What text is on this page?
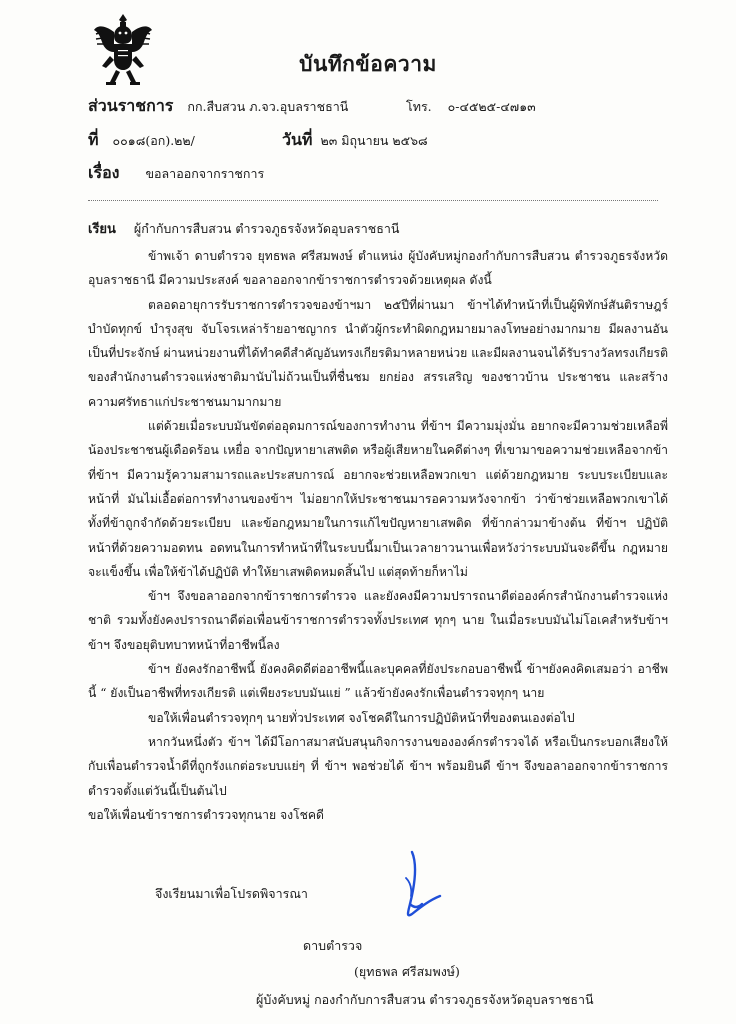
บันทึกข้อความ
ส่วนราชการ กก.สืบสวน ภ.จว.อุบลราชธานี	โทร. ๐-๔๕๒๕-๔๗๑๓
ที่ ๐๐๑๘(อก).๒๒/	วันที่ ๒๓ มิถุนายน ๒๕๖๘
เรื่อง ขอลาออกจากราชการ
เรียน ผู้กำกับการสืบสวน ตำรวจภูธรจังหวัดอุบลราชธานี

ข้าพเจ้า ดาบตำรวจ ยุทธพล ศรีสมพงษ์ ตำแหน่ง ผู้บังคับหมู่กองกำกับการสืบสวน ตำรวจภูธรจังหวัดอุบลราชธานี มีความประสงค์ ขอลาออกจากข้าราชการตำรวจด้วยเหตุผล ดังนี้

ตลอดอายุการรับราชการตำรวจของข้าฯมา ๒๕ปีที่ผ่านมา ข้าฯได้ทำหน้าที่เป็นผู้พิทักษ์สันติราษฎร์ บำบัดทุกข์ บำรุงสุข จับโจรเหล่าร้ายอาชญากร นำตัวผู้กระทำผิดกฎหมายมาลงโทษอย่างมากมาย มีผลงานอันเป็นที่ประจักษ์ ผ่านหน่วยงานที่ได้ทำคดีสำคัญอันทรงเกียรติมาหลายหน่วย และมีผลงานจนได้รับรางวัลทรงเกียรติของสำนักงานตำรวจแห่งชาติมานับไม่ถ้วนเป็นที่ชื่นชม ยกย่อง สรรเสริญ ของชาวบ้าน ประชาชน และสร้างความศรัทธาแก่ประชาชนมามากมาย

แต่ด้วยเมื่อระบบมันขัดต่ออุดมการณ์ของการทำงาน ที่ข้าฯ มีความมุ่งมั่น อยากจะมีความช่วยเหลือพี่น้องประชาชนผู้เดือดร้อน เหยื่อ จากปัญหายาเสพติด หรือผู้เสียหายในคดีต่างๆ ที่เขามาขอความช่วยเหลือจากข้า ที่ข้าฯ มีความรู้ความสามารถและประสบการณ์ อยากจะช่วยเหลือพวกเขา แต่ด้วยกฎหมาย ระบบระเบียบและหน้าที่ มันไม่เอื้อต่อการทำงานของข้าฯ ไม่อยากให้ประชาชนมารอความหวังจากข้า ว่าข้าช่วยเหลือพวกเขาได้ทั้งที่ข้าถูกจำกัดด้วยระเบียบ และข้อกฎหมายในการแก้ไขปัญหายาเสพติด ที่ข้ากล่าวมาข้างต้น ที่ข้าฯ ปฏิบัติหน้าที่ด้วยความอดทน อดทนในการทำหน้าที่ในระบบนี้มาเป็นเวลายาวนานเพื่อหวังว่าระบบมันจะดีขึ้น กฎหมายจะแข็งขึ้น เพื่อให้ข้าได้ปฏิบัติ ทำให้ยาเสพติดหมดสิ้นไป แต่สุดท้ายก็หาไม่

ข้าฯ จึงขอลาออกจากข้าราชการตำรวจ และยังคงมีความปรารถนาดีต่อองค์กรสำนักงานตำรวจแห่งชาติ รวมทั้งยังคงปรารถนาดีต่อเพื่อนข้าราชการตำรวจทั้งประเทศ ทุกๆ นาย ในเมื่อระบบมันไม่โอเคสำหรับข้าฯ ข้าฯ จึงขอยุติบทบาทหน้าที่อาชีพนี้ลง

ข้าฯ ยังคงรักอาชีพนี้ ยังคงคิดดีต่ออาชีพนี้และบุคคลที่ยังประกอบอาชีพนี้ ข้าฯยังคงคิดเสมอว่า อาชีพนี้ “ ยังเป็นอาชีพที่ทรงเกียรติ แต่เพียงระบบมันแย่ ” แล้วข้ายังคงรักเพื่อนตำรวจทุกๆ นาย

ขอให้เพื่อนตำรวจทุกๆ นายทั่วประเทศ จงโชคดีในการปฏิบัติหน้าที่ของตนเองต่อไป

หากวันหนึ่งตัว ข้าฯ ได้มีโอกาสมาสนับสนุนกิจการงานขององค์กรตำรวจได้ หรือเป็นกระบอกเสียงให้กับเพื่อนตำรวจน้ำดีที่ถูกรังแกต่อระบบแย่ๆ ที่ ข้าฯ พอช่วยได้ ข้าฯ พร้อมยินดี ข้าฯ จึงขอลาออกจากข้าราชการตำรวจตั้งแต่วันนี้เป็นต้นไป

ขอให้เพื่อนข้าราชการตำรวจทุกนาย จงโชคดี

จึงเรียนมาเพื่อโปรดพิจารณา
ดาบตำรวจ
(ยุทธพล ศรีสมพงษ์)
ผู้บังคับหมู่ กองกำกับการสืบสวน ตำรวจภูธรจังหวัดอุบลราชธานี
